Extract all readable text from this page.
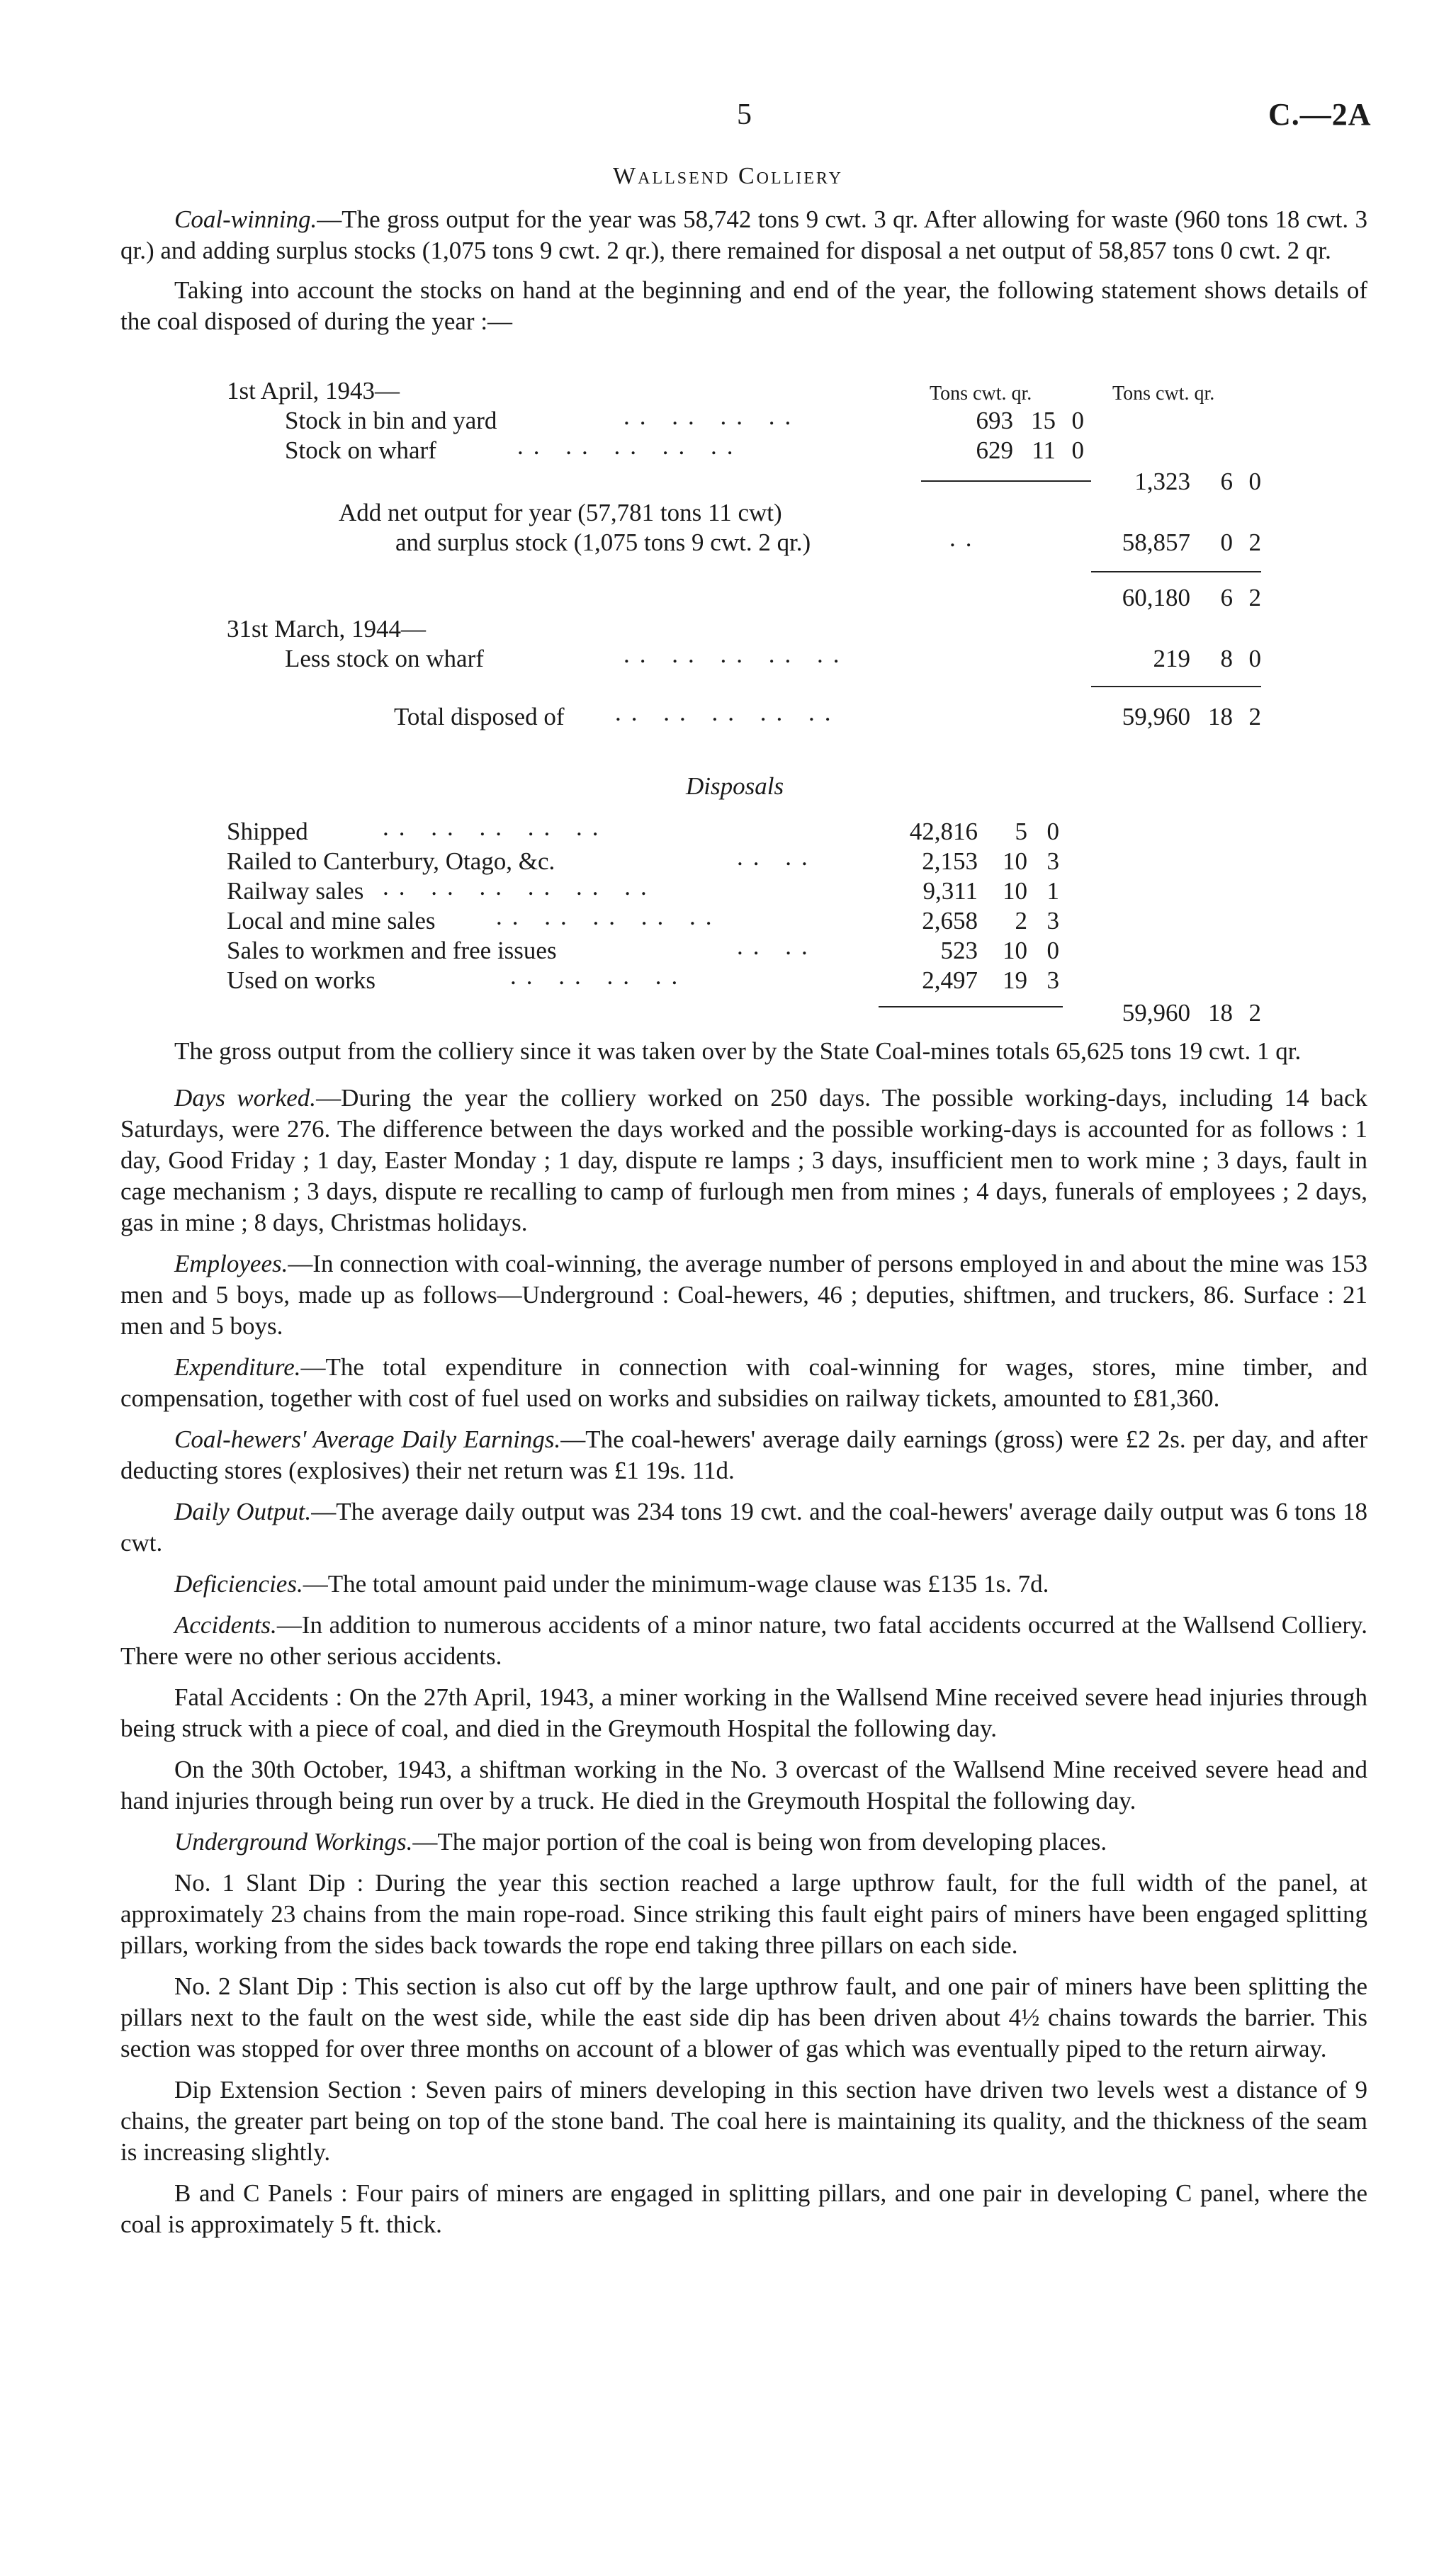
5	C.—2A
Wallsend Colliery

Coal-winning.—The gross output for the year was 58,742 tons 9 cwt. 3 qr. After allowing for waste (960 tons 18 cwt. 3 qr.) and adding surplus stocks (1,075 tons 9 cwt. 2 qr.), there remained for disposal a net output of 58,857 tons 0 cwt. 2 qr.

Taking into account the stocks on hand at the beginning and end of the year, the following statement shows details of the coal disposed of during the year :—

Tons cwt. qr.	Tons cwt. qr.
1st April, 1943—
Stock in bin and yard	.. .. .. ..	693 15 0
Stock on wharf	.. .. .. .. ..	629 11 0
1,323	6 0
Add net output for year (57,781 tons 11 cwt)
and surplus stock (1,075 tons 9 cwt. 2 qr.)	..	58,857	0 2
60,180	6 2
31st March, 1944—
Less stock on wharf	.. .. .. .. ..	219	8 0
Total disposed of .. .. .. .. ..	59,960 18 2
Disposals
Shipped	.. .. .. .. ..	42,816	5 0
Railed to Canterbury, Otago, &c.	.. ..	2,153	10 3
Railway sales .. .. .. .. .. ..	9,311	10 1
Local and mine sales .. .. .. .. ..	2,658	2 3
Sales to workmen and free issues	.. ..	523	10 0
Used on works	.. .. .. ..	2,497	19 3
59,960 18 2

The gross output from the colliery since it was taken over by the State Coal-mines totals 65,625 tons 19 cwt. 1 qr.

Days worked.—During the year the colliery worked on 250 days. The possible working-days, including 14 back Saturdays, were 276. The difference between the days worked and the possible working-days is accounted for as follows : 1 day, Good Friday ; 1 day, Easter Monday ; 1 day, dispute re lamps ; 3 days, insufficient men to work mine ; 3 days, fault in cage mechanism ; 3 days, dispute re recalling to camp of furlough men from mines ; 4 days, funerals of employees ; 2 days, gas in mine ; 8 days, Christmas holidays.

Employees.—In connection with coal-winning, the average number of persons employed in and about the mine was 153 men and 5 boys, made up as follows—Underground : Coal-hewers, 46 ; deputies, shiftmen, and truckers, 86. Surface : 21 men and 5 boys.

Expenditure.—The total expenditure in connection with coal-winning for wages, stores, mine timber, and compensation, together with cost of fuel used on works and subsidies on railway tickets, amounted to £81,360.

Coal-hewers' Average Daily Earnings.—The coal-hewers' average daily earnings (gross) were £2 2s. per day, and after deducting stores (explosives) their net return was £1 19s. 11d.

Daily Output.—The average daily output was 234 tons 19 cwt. and the coal-hewers' average daily output was 6 tons 18 cwt.

Deficiencies.—The total amount paid under the minimum-wage clause was £135 1s. 7d.

Accidents.—In addition to numerous accidents of a minor nature, two fatal accidents occurred at the Wallsend Colliery. There were no other serious accidents.

Fatal Accidents : On the 27th April, 1943, a miner working in the Wallsend Mine received severe head injuries through being struck with a piece of coal, and died in the Greymouth Hospital the following day.

On the 30th October, 1943, a shiftman working in the No. 3 overcast of the Wallsend Mine received severe head and hand injuries through being run over by a truck. He died in the Greymouth Hospital the following day.

Underground Workings.—The major portion of the coal is being won from developing places.

No. 1 Slant Dip : During the year this section reached a large upthrow fault, for the full width of the panel, at approximately 23 chains from the main rope-road. Since striking this fault eight pairs of miners have been engaged splitting pillars, working from the sides back towards the rope end taking three pillars on each side.

No. 2 Slant Dip : This section is also cut off by the large upthrow fault, and one pair of miners have been splitting the pillars next to the fault on the west side, while the east side dip has been driven about 4½ chains towards the barrier. This section was stopped for over three months on account of a blower of gas which was eventually piped to the return airway.

Dip Extension Section : Seven pairs of miners developing in this section have driven two levels west a distance of 9 chains, the greater part being on top of the stone band. The coal here is maintaining its quality, and the thickness of the seam is increasing slightly.

B and C Panels : Four pairs of miners are engaged in splitting pillars, and one pair in developing C panel, where the coal is approximately 5 ft. thick.
